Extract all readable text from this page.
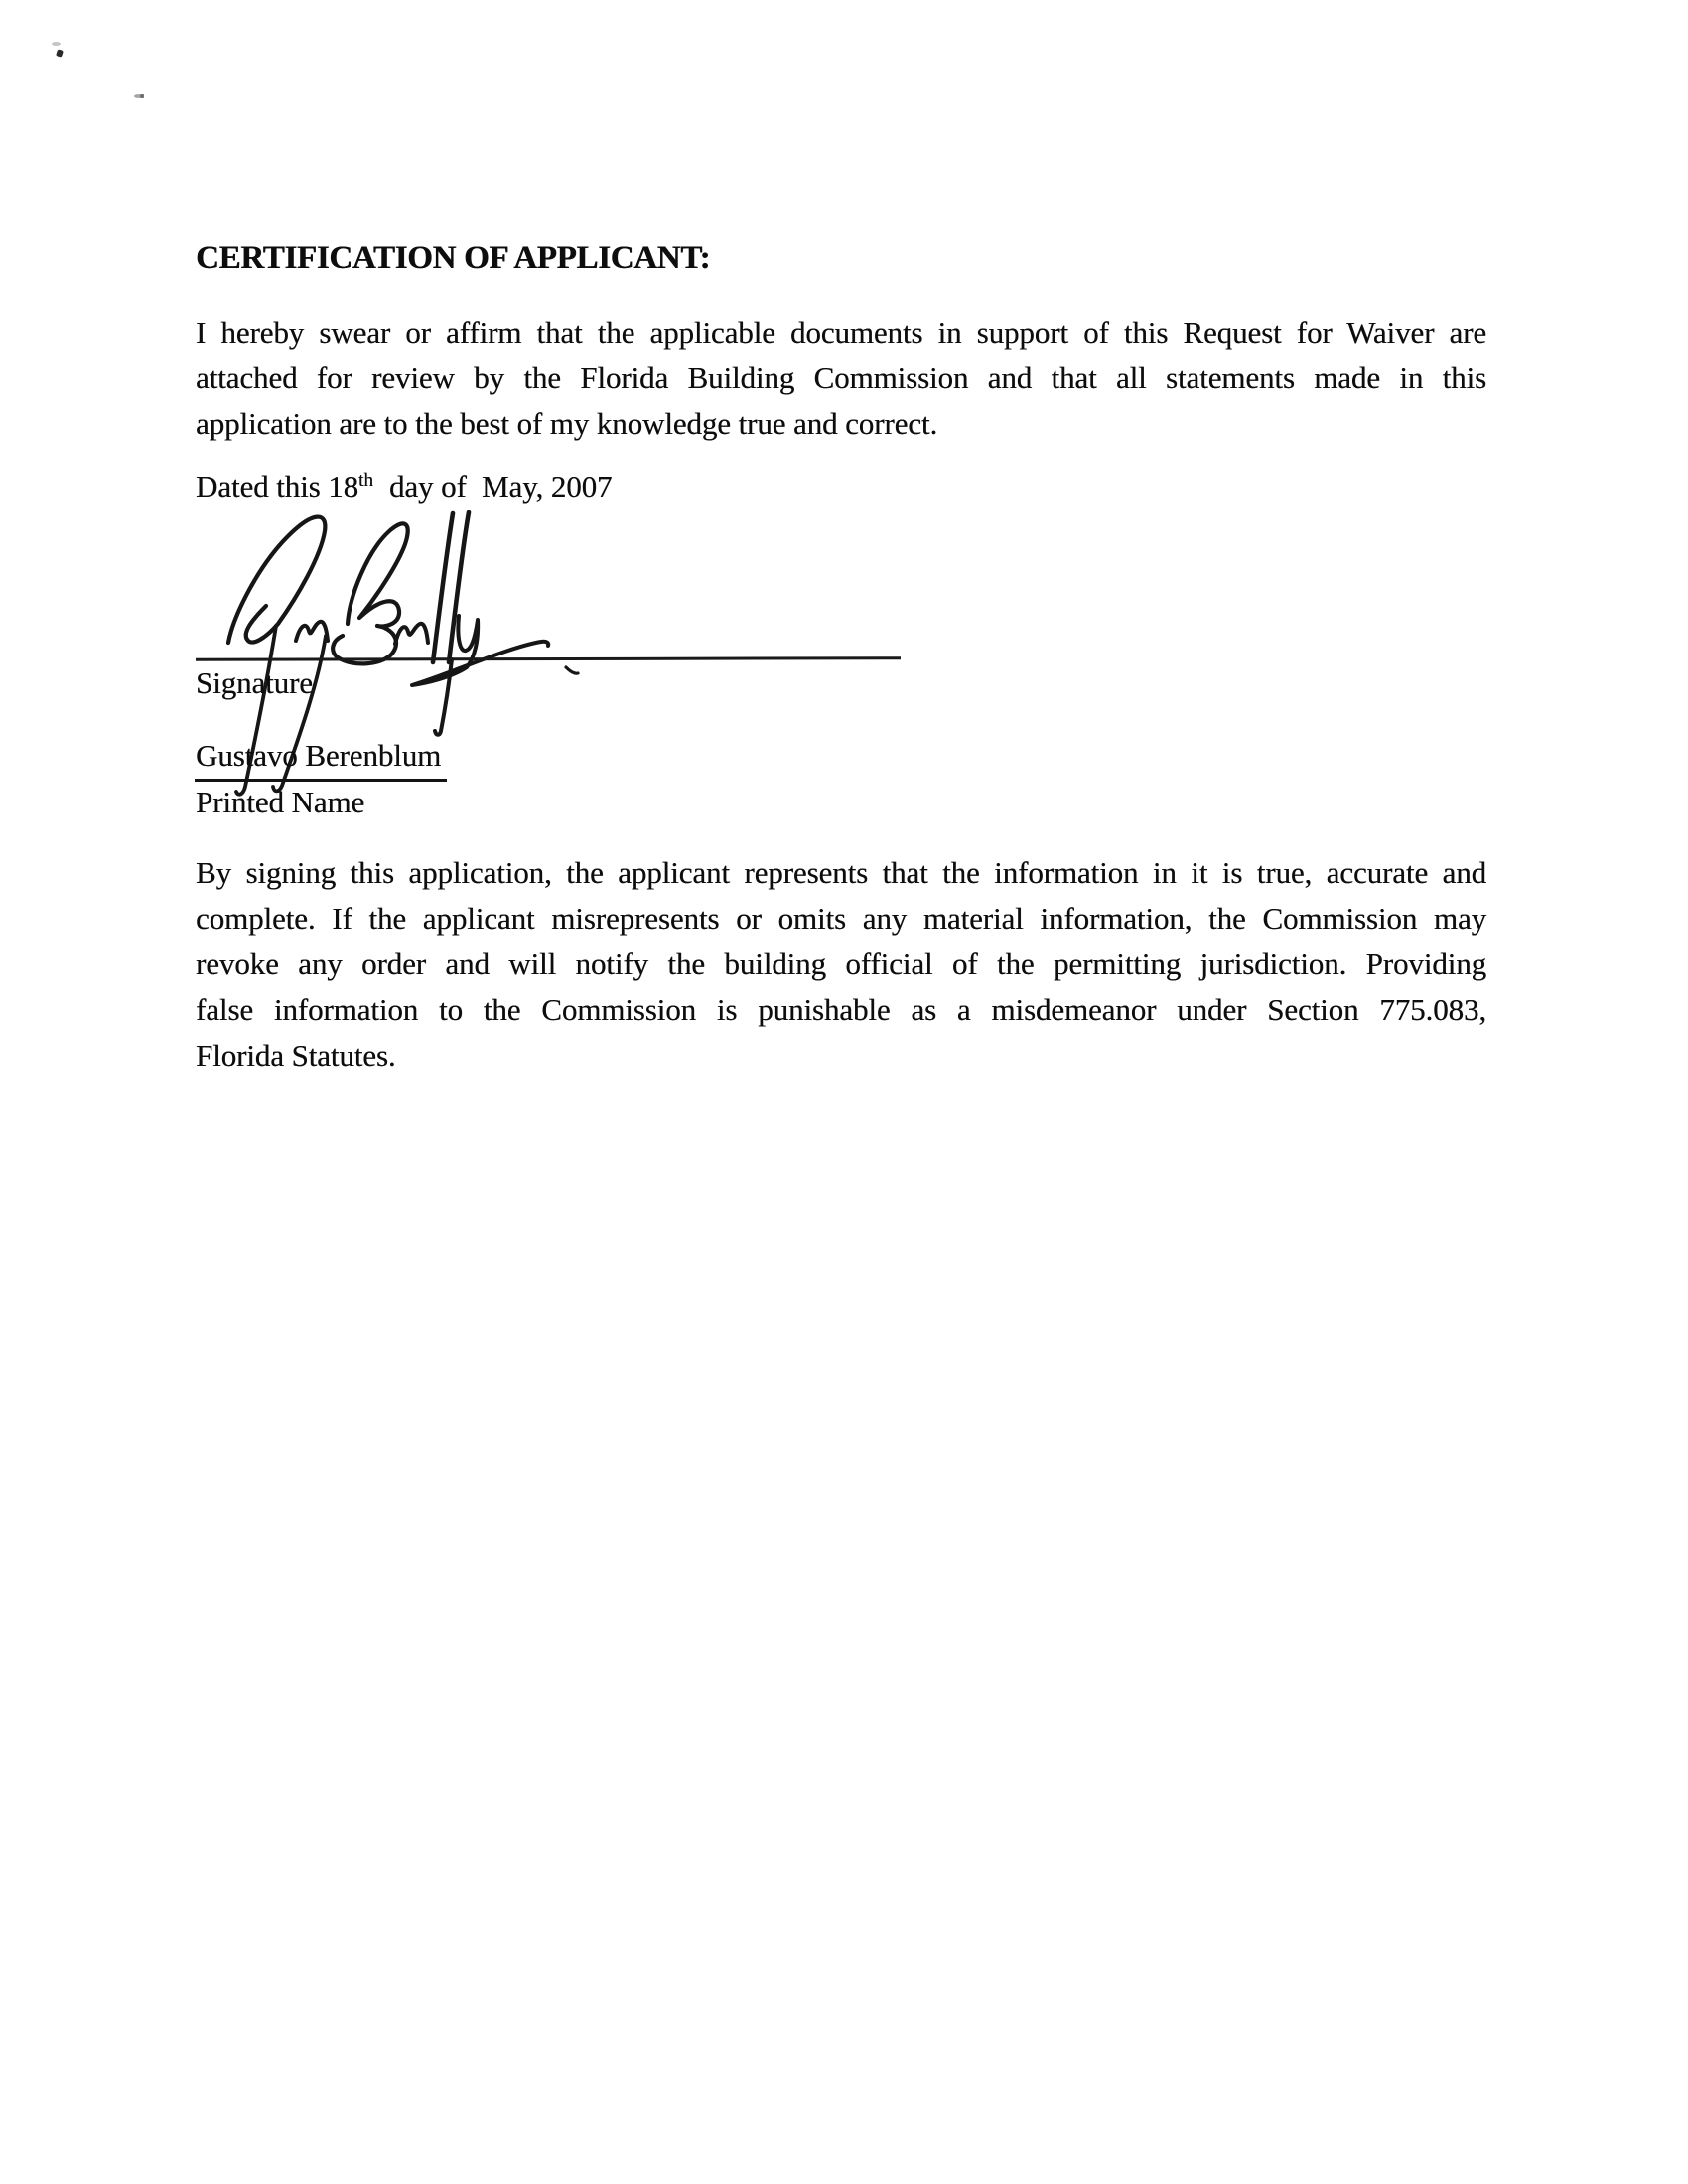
CERTIFICATION OF APPLICANT:
I hereby swear or affirm that the applicable documents in support of this Request for Waiver are
attached for review by the Florida Building Commission and that all statements made in this
application are to the best of my knowledge true and correct.
Dated this 18th day of  May, 2007
Signature
Gustavo Berenblum
Printed Name
By signing this application, the applicant represents that the information in it is true, accurate and
complete. If the applicant misrepresents or omits any material information, the Commission may
revoke any order and will notify the building official of the permitting jurisdiction. Providing
false information to the Commission is punishable as a misdemeanor under Section 775.083,
Florida Statutes.
